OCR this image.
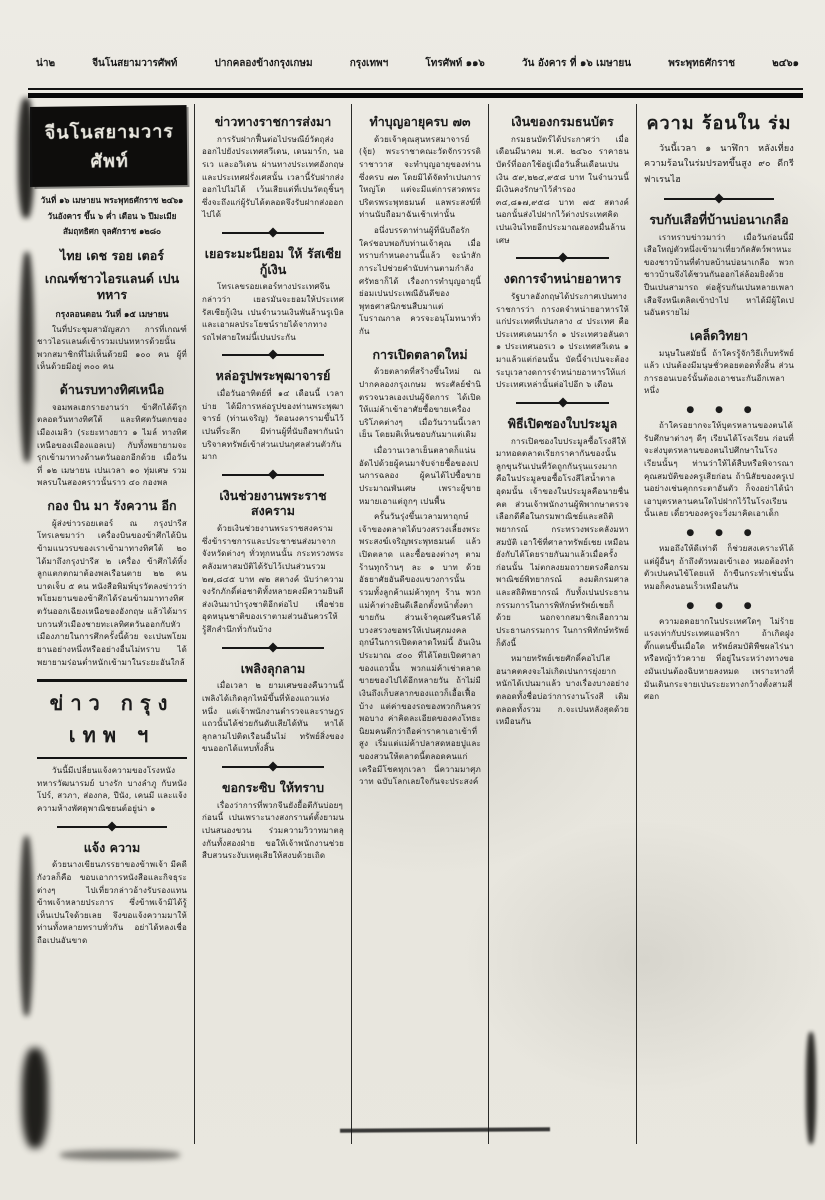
น่า๒	จีนโนสยามวารศัพท์	ปากคลองข้างกรุงเกษม	กรุงเทพฯ	โทรศัพท์ ๑๑๖	วัน อังคาร ที่ ๑๖ เมษายน	พระพุทธศักราช	๒๔๖๑
จีนโนสยามวารศัพท์
วันที่ ๑๖ เมษายน พระพุทธศักราช ๒๔๖๑
วันอังคาร ขึ้น ๖ ค่ำ เดือน ๖ ปีมะเมีย
สัมฤทธิศก จุลศักราช ๑๒๘๐
ไทย เดช รอย เตอร์
เกณฑ์ชาวไอรแลนด์ เปน ทหาร
กรุงลอนดอน วันที่ ๑๕ เมษายน

ในที่ประชุมสามัญสภา การที่เกณฑ์ชาวไอรแลนด์เข้ารวมเปนทหารด้วยนั้น พวกสมาชิกที่ไม่เห็นด้วยมี ๑๐๐ คน ผู้ที่เห็นด้วยมีอยู่ ๓๐๐ คน

ด้านรบทางทิศเหนือ

จอมพลเฮกรายงานว่า ข้าศึกได้ตีรุกตลอดวันทางทิศใต้ และทิศตวันตกของเมืองเมลิว (ระยะทางยาว ๑ ไมล์ ทางทิศเหนือของเมืองแอลเบ) กับทั้งพยายามจะรุกเข้ามาทางด้านตวันออกอีกด้วย เมื่อวันที่ ๑๒ เมษายน เปนเวลา ๑๐ ทุ่มเศษ รวมพลรบในสองคราวนั้นราว ๔๐ กองพล

กอง บิน มา รังควาน อีก

ผู้ส่งข่าวรอยเตอร์ ณ กรุงปารีส โทรเลขมาว่า เครื่องบินของข้าศึกได้บินข้ามแนวรบของเราเข้ามาทางทิศใต้ ๒๐ ได้มาถึงกรุงปารีส ๒ เครื่อง ข้าศึกได้ทิ้งลูกแตกตกมาต้องพลเรือนตาย ๒๒ คน บาดเจ็บ ๕ คน หนังสือพิมพ์บุรวัตลงข่าวว่า พโยมยานของข้าศึกได้ร่อนข้ามมาทางทิศตวันออกเฉียงเหนือของอังกฤษ แล้วได้มารบกวนหัวเมืองชายทะเลทิศตวันออกกับหัวเมืองภายในการศึกครั้งนี้ด้วย จะเปนพโยมยานอย่างหนึ่งหรืออย่างอื่นไม่ทราบ ได้พยายามร่อนต่ำหนักเข้ามาในระยะอันใกล้

ข่าว กรุง เทพ ฯ

วันนี้มีเปลี่ยนแจ้งความของโรงหนังทหารวัฒนารมย์ บางรัก บางลำภู กับหนังโปร์, สวภา, ส่องกล, ปีนัง, เคนมี และแจ้งความห้างพัศดุพาณิชยนต์อยู่น่า ๑

แจ้ง ความ

ด้วยนางเขียนภรรยาของข้าพเจ้า มีคดีกังวลก็คือ ขอบเอาการหนังสือและกิจธุระต่างๆ ไปเที่ยวกล่าวอ้างรับรองแทนข้าพเจ้าหลายประการ ซึ่งข้าพเจ้ามิได้รู้เห็นเปนใจด้วยเลย จึงขอแจ้งความมาให้ท่านทั้งหลายทราบทั่วกัน อย่าได้หลงเชื่อถือเปนอันขาด

ข่าวทางราชการส่งมา

การรับฝากฟื้นต่อไปรษณีย์วัตถุส่งออกไปยังประเทศสวีเดน, เดนมาร์ก, นอรเว และอวิเดน ผ่านทางประเทศอังกฤษและประเทศฝรั่งเศสนั้น เวลานี้รับฝากส่งออกไปไม่ได้ เว้นเสียแต่ที่เปนวัตถุชิ้นๆ ซึ่งจะถึงแก่ผู้รับได้ตลอดจึงรับฝากส่งออกไปได้

เยอระมะนียอม ให้ รัสเซียกู้เงิน

โทรเลขรอยเตอร์ทางประเทศจีนกล่าวว่า เยอรมันจะยอมให้ประเทศรัสเซียกู้เงิน เปนจำนวนเงินพันล้านรูเบิล และเอาผลประโยชน์รายได้จากทางรถไฟสายใหม่นี้เปนประกัน

หล่อรูปพระพุฒาจารย์

เมื่อวันอาทิตย์ที่ ๑๔ เดือนนี้ เวลาบ่าย ได้มีการหล่อรูปของท่านพระพุฒาจารย์ (ท่านเจริญ) วัดอนงคารามขึ้นไว้เปนที่ระลึก มีท่านผู้ที่นับถือพากันนำบริจาคทรัพย์เข้าส่วนเปนกุศลส่วนตัวกันมาก

เงินช่วยงานพระราชสงคราม

ด้วยเงินช่วยงานพระราชสงคราม ซึ่งข้าราชการและประชาชนส่งมาจากจังหวัดต่างๆ ทั่วทุกหนนั้น กระทรวงพระคลังมหาสมบัติได้รับไว้เปนส่วนรวม ๒๗,๘๔๕ บาท ๗๒ สตางค์ นับว่าความจงรักภักดิ์ต่อชาติทั้งหลายคงมีความยินดีส่งเงินมาบำรุงชาติอีกต่อไป เพื่อช่วยอุดหนุนชาติของเราตามส่วนอันควรให้รู้สึกสำนึกทั่วกันบ้าง

เพลิงลุกลาม

เมื่อเวลา ๒ ยามเศษของคืนวานนี้ เพลิงได้เกิดลุกไหม้ขึ้นที่ห้องแถวแห่งหนึ่ง แต่เจ้าพนักงานตำรวจและราษฎรแถวนั้นได้ช่วยกันดับเสียได้ทัน หาได้ลุกลามไปติดเรือนอื่นไม่ ทรัพย์สิ่งของขนออกได้แทบทั้งสิ้น

ขอกระซิบ ให้ทราบ

เรื่องว่าการที่พวกจีนยังยื้อตีกันบ่อยๆ ก่อนนี้ เปนเพราะนางสงกรานต์ตั้งยามนเปนสนองขวน ร่วมความวิวาทมาตลุงกันทั้งสองฝ่าย ขอให้เจ้าพนักงานช่วยสืบสวนระงับเหตุเสียให้สงบด้วยเถิด

ทำบุญอายุครบ ๗๓

ด้วยเจ้าคุณสุนทรสมาจารย์ (จุ้ย) พระราชาคณะวัดจักรวรรดิราชาวาส จะทำบุญอายุของท่านซึ่งครบ ๗๓ โดยมิได้จัดทำเปนการใหญ่โต แต่จะมีแต่การสวดพระปริตรพระพุทธมนต์ แลพระสงฆ์ที่ท่านนับถือมาฉันเช้าเท่านั้น

อนึ่งบรรดาท่านผู้ที่นับถือรักใคร่ชอบพอกับท่านเจ้าคุณ เมื่อทราบกำหนดงานนี้แล้ว จะนำสักการะไปช่วยคำนับท่านตามกำลังศรัทธาก็ได้ เรื่องการทำบุญอายุนี้ย่อมเปนประเพณีอันดีของพุทธศาสนิกชนสืบมาแต่โบราณกาล ควรจะอนุโมทนาทั่วกัน

การเปิดตลาดใหม่

ด้วยตลาดที่สร้างขึ้นใหม่ ณ ปากคลองกรุงเกษม พระศัลย์ชำนิตรวจนวลเองเปนผู้จัดการ ได้เปิดให้แม่ค้าเข้าอาศัยซื้อขายเครื่องบริโภคต่างๆ เมื่อวันวานนี้เวลาเย็น โดยมติเห็นชอบกันมาแต่เดิม

เมื่อวานเวลาเย็นตลาดก็แน่นอัดไปด้วยผู้คนมาจับจ่ายซื้อของเปนการฉลอง ผู้คนได้ไปซื้อขายประมาณพันเศษ เพราะผู้ขายหมายเอาแต่ถูกๆ เปนพื้น

ครั้นวันรุ่งขึ้นเวลามหาฤกษ์ เจ้าของตลาดได้บวงสรวงเลี้ยงพระ พระสงฆ์เจริญพระพุทธมนต์ แล้วเปิดตลาด และซื้อของต่างๆ ตามร้านทุกร้านๆ ละ ๑ บาท ด้วยอัธยาศัยอันดีของแขวงการนั้น รวมทั้งลูกค้าแม่ค้าทุกๆ ร้าน พวกแม่ค้าต่างยินดีเลือกตั้งหน้าตั้งตาขายกัน ส่วนเจ้าคุณศรีนครได้บวงสรวงขอพรให้เปนศุภมงคลฤกษ์ในการเปิดตลาดใหม่นี้ อันเงินประมาณ ๔๐๐ ที่ได้โดยเปิดศาลาของแถวนั้น พวกแม่ค้าเช่าตลาดขายของไปได้อีกหลายวัน ถ้าไม่มีเงินถึงเก็บสลากของแถวก็เอื้อเฟื้อบ้าง แต่ค่าของรถของพวกกินควรพอบาง ค่าคิดละเอียดของคงโทธะนิยมคนดีกว่าถือค่าราคาเอาเข้าที่สูง เริ่มแต่แม่ค้าปลาสดหอยปูและของสวนให้ตลาดนี้ตลอดคนแก่เครือมีโชคทุกเวลา นี่ความมาศุภวาท ฉบับโลกเลยใจกันจะประสงค์

เงินของกรมธนบัตร

กรมธนบัตร์ได้ประกาศว่า เมื่อเดือนมีนาคม พ.ศ. ๒๔๖๐ ราคาธนบัตร์ที่ออกใช้อยู่เมื่อวันสิ้นเดือนเปนเงิน ๕๙,๒๒๔,๙๕๘ บาท ในจำนวนนี้มีเงินคงรักษาไว้สำรอง ๓๔,๘๑๗,๙๕๘ บาท ๗๕ สตางค์ นอกนั้นส่งไปฝากไว้ต่างประเทศคิดเปนเงินไทยอีกประมาณสองหมื่นล้านเศษ

งดการจำหน่ายอาหาร

รัฐบาลอังกฤษได้ประกาศเปนทางราชการว่า การงดจำหน่ายอาหารให้แก่ประเทศที่เปนกลาง ๔ ประเทศ คือประเทศเดนมาร์ก ๑ ประเทศวอลันดา ๑ ประเทศนอรเว ๑ ประเทศสวีเดน ๑ มาแล้วแต่ก่อนนั้น บัดนี้จำเปนจะต้องระบุเวลางดการจำหน่ายอาหารให้แก่ประเทศเหล่านั้นต่อไปอีก ๖ เดือน

พิธีเปิดซองใบประมูล

การเปิดซองใบประมูลซื้อโรงสีให้มาทอดตลาดเรียกราคากันของนั้น ลูกขุนรันเปนที่วัดถูกกันรุนแรงมาก คือในประมูลขอซื้อโรงสีไสน้ำตาลอุดมนั้น เจ้าของในประมูลคือนายชื่นคต ส่วนเจ้าพนักงานผู้พิพากษาตรวจเลือกดีคือในกรมพาณิชย์และสถิติพยากรณ์ กระทรวงพระคลังมหาสมบัติ เอาใช้ที่ศาลาทรัพย์เชย เหมือนยังกับได้โดยรายกันมาแล้วเมื่อครั้งก่อนนั้น ไม่ตกลงยมถวายตรงคือกรมพาณิชย์พิทยากรณ์ ลงมติกรมศาลและสถิติพยากรณ์ กับทั้งเปนประธานกรรมการในการพิทักษ์ทรัพย์เชยก็ด้วย นอกจากสมาชิกเลือกวามประธานกรรมการ ในการพิทักษ์ทรัพย์ก็ดังนี้

หมายทรัพย์เชยศักดิ์คอไปไสอนาคตคงจะไม่เกิดเปนการยุ่งยากหนักได้เปนมาแล้ว บางเรื่องบางอย่าง ตลอดทั้งชื่อบ่อว่าการงานโรงสี เดิมตลอดทั้งรวม ก.จะเปนหลังสุดด้วยเหมือนกัน

ความ ร้อนใน ร่ม

วันนี้เวลา ๑ นาฬิกา หลังเที่ยง ความร้อนในร่มปรอทขึ้นสูง ๙๐ ดีกรี ฟาเรนไฮ

รบกับเสือที่บ้านบ่อนาเกลือ

เราทราบข่าวมาว่า เมื่อวันก่อนนี้มีเสือใหญ่ตัวหนึ่งเข้ามาเที่ยวกัดสัตว์พาหนะของชาวบ้านที่ตำบลบ้านบ่อนาเกลือ พวกชาวบ้านจึงได้ชวนกันออกไล่ล้อมยิงด้วยปืนเปนสามารถ ต่อสู้รบกันเปนหลายเพลา เสือจึงหนีเตลิดเข้าป่าไป หาได้มีผู้ใดเปนอันตรายไม่

เคล็ดวิทยา

มนุษในสมัยนี้ ถ้าใครรู้จักวิธีเก็บทรัพย์แล้ว เปนต้องมีมนุษชั่วคอยตอดทั้งสิ้น ส่วนการธอนเบอร์นั้นต้องเอาชนะกันอีกเพลาหนึ่ง

● ● ●

ถ้าใครอยากจะให้บุตรหลานของตนได้รับศึกษาต่างๆ ดีๆ เรียนได้โรงเรียน ก่อนที่จะส่งบุตรหลานของตนไปศึกษาในโรงเรียนนั้นๆ ท่านว่าให้ได้สืบหรือพิจารณาคุณสมบัติของครูเสียก่อน ถ้านิสัยของครูเปนอย่างเช่นคุกกระตาอันตัว ก็จงอย่าได้นำเอาบุตรหลานคนใดไปฝากไว้ในโรงเรียนนั้นเลย เดี๋ยวของครูจะวิ่งมาคิดเอาเด็ก

● ● ●

หมอถึงให้ดีเท่าดี ก็ช่วยสงเคราะห์ได้แต่ผู้อื่นๆ ถ้าถึงตัวหมอเข้าเอง หมอต้องทำตัวเปนคนไข้โดยแท้ ถ้าขืนกระทำเช่นนั้น หมอก็คงนอนเร็วเหมือนกัน

● ● ●

ความอดอยากในประเทศใดๆ ไม่ร้ายแรงเท่ากับประเทศแอฟริกา ถ้าเกิดฝูงตั๊กแตนขึ้นเมื่อใด ทรัพย์สมบัติพืชผลไร่นาหรือหญ้าวัวควาย ที่อยู่ในระหว่างทางของมันเปนต้องฉิบหายลงหมด เพราะทางที่มันเดินกระจายเปนระยะทางกว้างตั้งสามสี่ศอก
